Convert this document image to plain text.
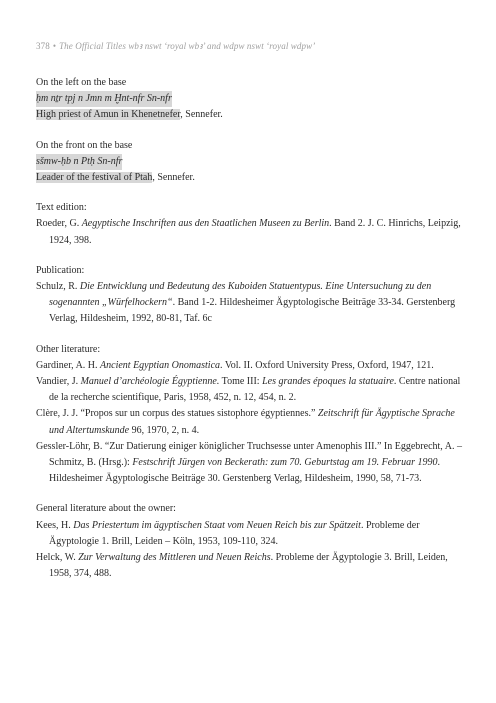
378 • The Official Titles wbꜣ nswt ‘royal wbꜣ’ and wdpw nswt ‘royal wdpw’
On the left on the base
ḥm nṯr tpj n Jmn m Ḫnt-nfr Sn-nfr
High priest of Amun in Khenetnefer, Sennefer.
On the front on the base
sšmw-ḥb n Ptḥ Sn-nfr
Leader of the festival of Ptah, Sennefer.
Text edition:
Roeder, G. Aegyptische Inschriften aus den Staatlichen Museen zu Berlin. Band 2. J. C. Hinrichs, Leipzig, 1924, 398.
Publication:
Schulz, R. Die Entwicklung und Bedeutung des Kuboiden Statuentypus. Eine Untersuchung zu den sogenannten „Würfelhockern“. Band 1-2. Hildesheimer Ägyptologische Beiträge 33-34. Gerstenberg Verlag, Hildesheim, 1992, 80-81, Taf. 6c
Other literature:
Gardiner, A. H. Ancient Egyptian Onomastica. Vol. II. Oxford University Press, Oxford, 1947, 121.
Vandier, J. Manuel d’archéologie Égyptienne. Tome III: Les grandes époques la statuaire. Centre national de la recherche scientifique, Paris, 1958, 452, n. 12, 454, n. 2.
Clère, J. J. “Propos sur un corpus des statues sistophore égyptiennes.” Zeitschrift für Ägyptische Sprache und Altertumskunde 96, 1970, 2, n. 4.
Gessler-Löhr, B. “Zur Datierung einiger königlicher Truchsesse unter Amenophis III.” In Eggebrecht, A. – Schmitz, B. (Hrsg.): Festschrift Jürgen von Beckerath: zum 70. Geburtstag am 19. Februar 1990. Hildesheimer Ägyptologische Beiträge 30. Gerstenberg Verlag, Hildesheim, 1990, 58, 71-73.
General literature about the owner:
Kees, H. Das Priestertum im ägyptischen Staat vom Neuen Reich bis zur Spätzeit. Probleme der Ägyptologie 1. Brill, Leiden – Köln, 1953, 109-110, 324.
Helck, W. Zur Verwaltung des Mittleren und Neuen Reichs. Probleme der Ägyptologie 3. Brill, Leiden, 1958, 374, 488.
